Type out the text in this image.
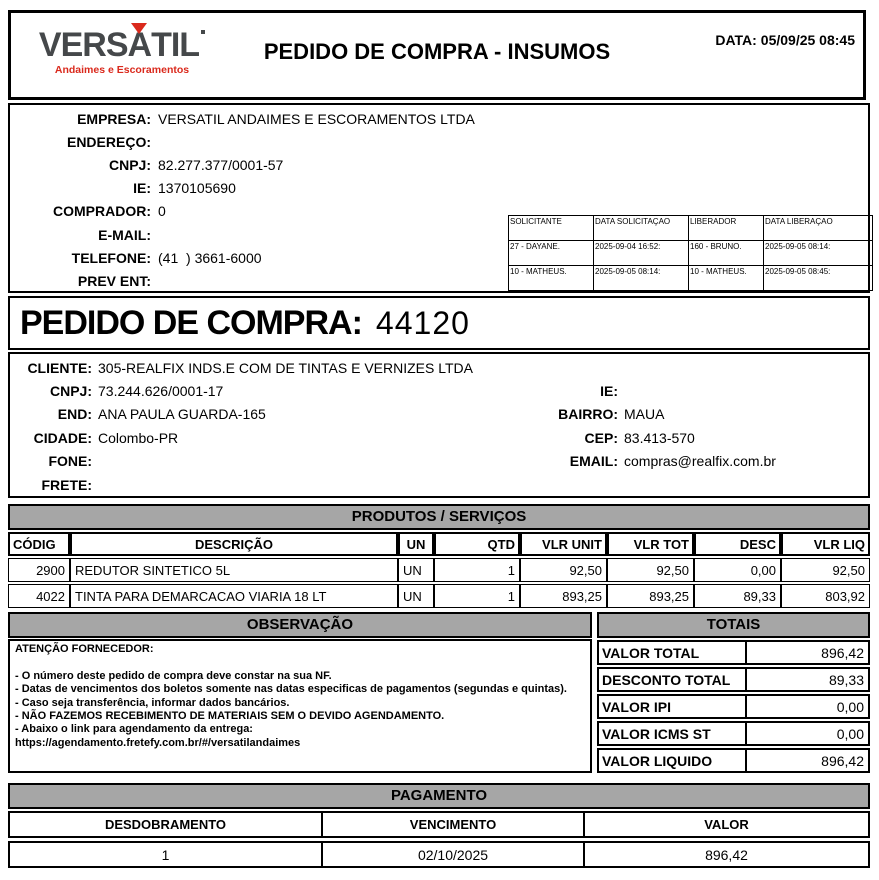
VERSA
TIL
Andaimes e Escoramentos
PEDIDO DE COMPRA - INSUMOS	DATA: 05/09/25 08:45

EMPRESA: VERSATIL ANDAIMES E ESCORAMENTOS LTDA
ENDEREÇO:
CNPJ: 82.277.377/0001-57
IE: 1370105690
COMPRADOR: 0
E-MAIL:
TELEFONE: (41  ) 3661-6000
PREV ENT:
SOLICITANTE	DATA SOLICITAÇAO	LIBERADOR	DATA LIBERAÇAO
27 - DAYANE.	2025-09-04 16:52:	160 - BRUNO.	2025-09-05 08:14:
10 - MATHEUS.	2025-09-05 08:14:	10 - MATHEUS.	2025-09-05 08:45:
PEDIDO DE COMPRA: 44120
CLIENTE: 305-REALFIX INDS.E COM DE TINTAS E VERNIZES LTDA
CNPJ: 73.244.626/0001-17	IE:
END: ANA PAULA GUARDA-165	BAIRRO: MAUA
CIDADE: Colombo-PR	CEP: 83.413-570
FONE:	EMAIL: compras@realfix.com.br
FRETE:
PRODUTOS / SERVIÇOS
CÓDIG	DESCRIÇÃO	UN	QTD	VLR UNIT	VLR TOT	DESC	VLR LIQ
2900	REDUTOR SINTETICO 5L	UN	1	92,50	92,50	0,00	92,50
4022	TINTA PARA DEMARCACAO VIARIA 18 LT	UN	1	893,25	893,25	89,33	803,92
OBSERVAÇÃO	TOTAIS
ATENÇÃO FORNECEDOR:
- O número deste pedido de compra deve constar na sua NF.
- Datas de vencimentos dos boletos somente nas datas especificas de pagamentos (segundas e quintas).
- Caso seja transferência, informar dados bancários.
- NÃO FAZEMOS RECEBIMENTO DE MATERIAIS SEM O DEVIDO AGENDAMENTO.
- Abaixo o link para agendamento da entrega:
https://agendamento.fretefy.com.br/#/versatilandaimes
VALOR TOTAL	896,42
DESCONTO TOTAL	89,33
VALOR IPI	0,00
VALOR ICMS ST	0,00
VALOR LIQUIDO	896,42
PAGAMENTO
DESDOBRAMENTO	VENCIMENTO	VALOR
1	02/10/2025	896,42
